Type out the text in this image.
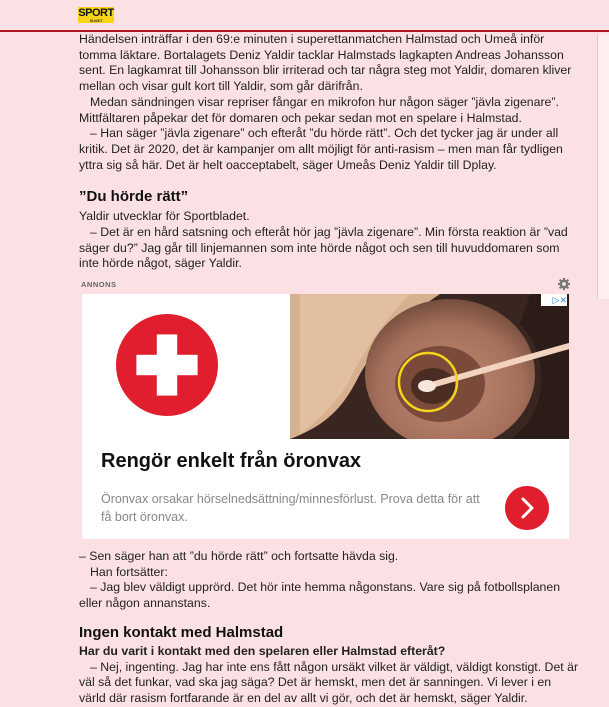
SPORT
BLADET

Händelsen inträffar i den 69:e minuten i superettanmatchen Halmstad och Umeå inför tomma läktare. Bortalagets Deniz Yaldir tacklar Halmstads lagkapten Andreas Johansson sent. En lagkamrat till Johansson blir irriterad och tar några steg mot Yaldir, domaren kliver mellan och visar gult kort till Yaldir, som går därifrån.

Medan sändningen visar repriser fångar en mikrofon hur någon säger ”jävla zigenare”. Mittfältaren påpekar det för domaren och pekar sedan mot en spelare i Halmstad.

– Han säger ”jävla zigenare” och efteråt ”du hörde rätt”. Och det tycker jag är under all kritik. Det är 2020, det är kampanjer om allt möjligt för anti-rasism – men man får tydligen yttra sig så här. Det är helt oacceptabelt, säger Umeås Deniz Yaldir till Dplay.

”Du hörde rätt”

Yaldir utvecklar för Sportbladet.

– Det är en hård satsning och efteråt hör jag ”jävla zigenare”. Min första reaktion är ”vad säger du?” Jag går till linjemannen som inte hörde något och sen till huvuddomaren som inte hörde något, säger Yaldir.

ANNONS
▷✕
Rengör enkelt från öronvax
Öronvax orsakar hörselnedsättning/minnesförlust. Prova detta för att få bort öronvax.

– Sen säger han att ”du hörde rätt” och fortsatte hävda sig.

Han fortsätter:

– Jag blev väldigt upprörd. Det hör inte hemma någonstans. Vare sig på fotbollsplanen eller någon annanstans.

Ingen kontakt med Halmstad

Har du varit i kontakt med den spelaren eller Halmstad efteråt?

– Nej, ingenting. Jag har inte ens fått någon ursäkt vilket är väldigt, väldigt konstigt. Det är väl så det funkar, vad ska jag säga? Det är hemskt, men det är sanningen. Vi lever i en värld där rasism fortfarande är en del av allt vi gör, och det är hemskt, säger Yaldir.
